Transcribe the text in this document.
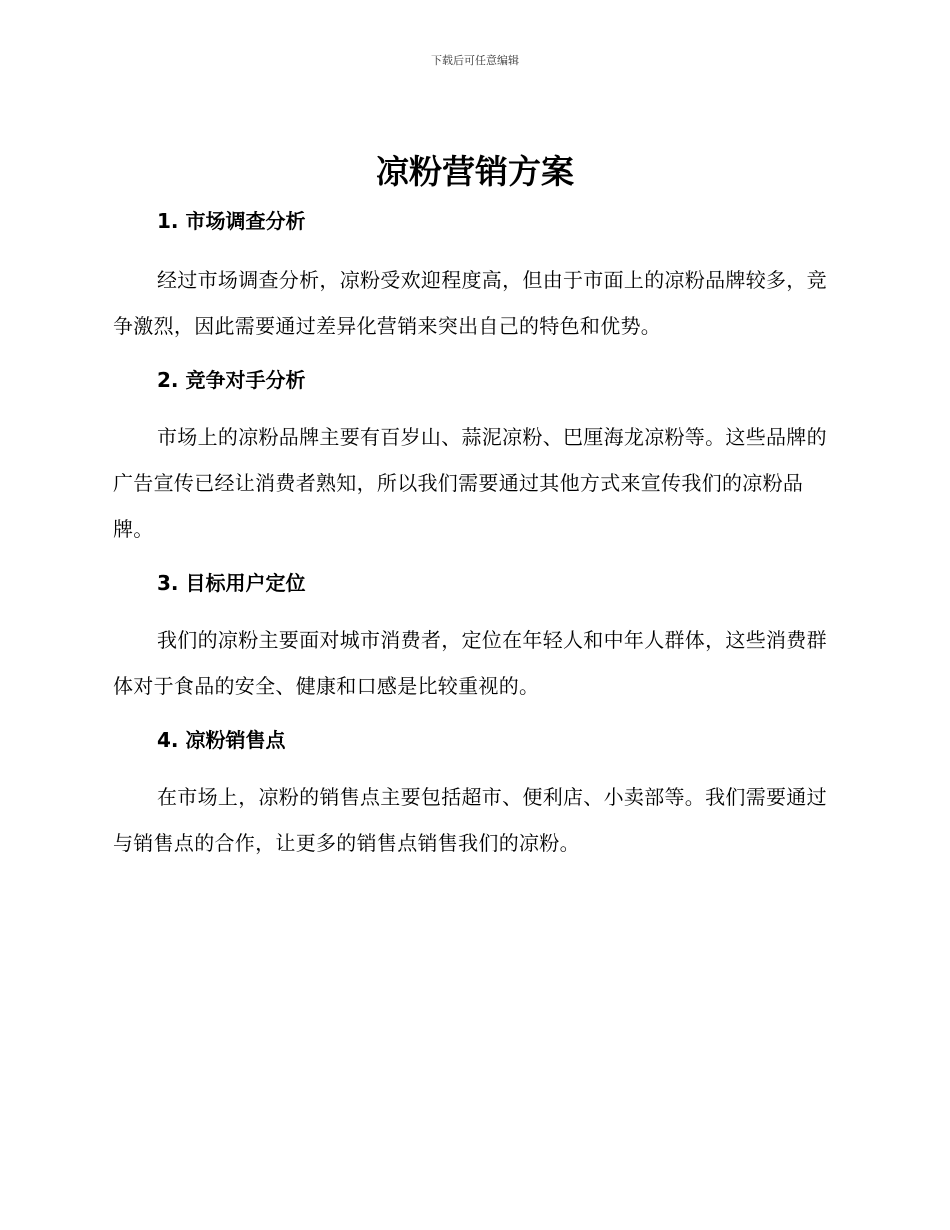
下载后可任意编辑
凉粉营销方案
1. 市场调查分析

经过市场调查分析，凉粉受欢迎程度高，但由于市面上的凉粉品牌较多，竞争激烈，因此需要通过差异化营销来突出自己的特色和优势。

2. 竞争对手分析

市场上的凉粉品牌主要有百岁山、蒜泥凉粉、巴厘海龙凉粉等。这些品牌的广告宣传已经让消费者熟知，所以我们需要通过其他方式来宣传我们的凉粉品牌。

3. 目标用户定位

我们的凉粉主要面对城市消费者，定位在年轻人和中年人群体，这些消费群体对于食品的安全、健康和口感是比较重视的。

4. 凉粉销售点

在市场上，凉粉的销售点主要包括超市、便利店、小卖部等。我们需要通过与销售点的合作，让更多的销售点销售我们的凉粉。
